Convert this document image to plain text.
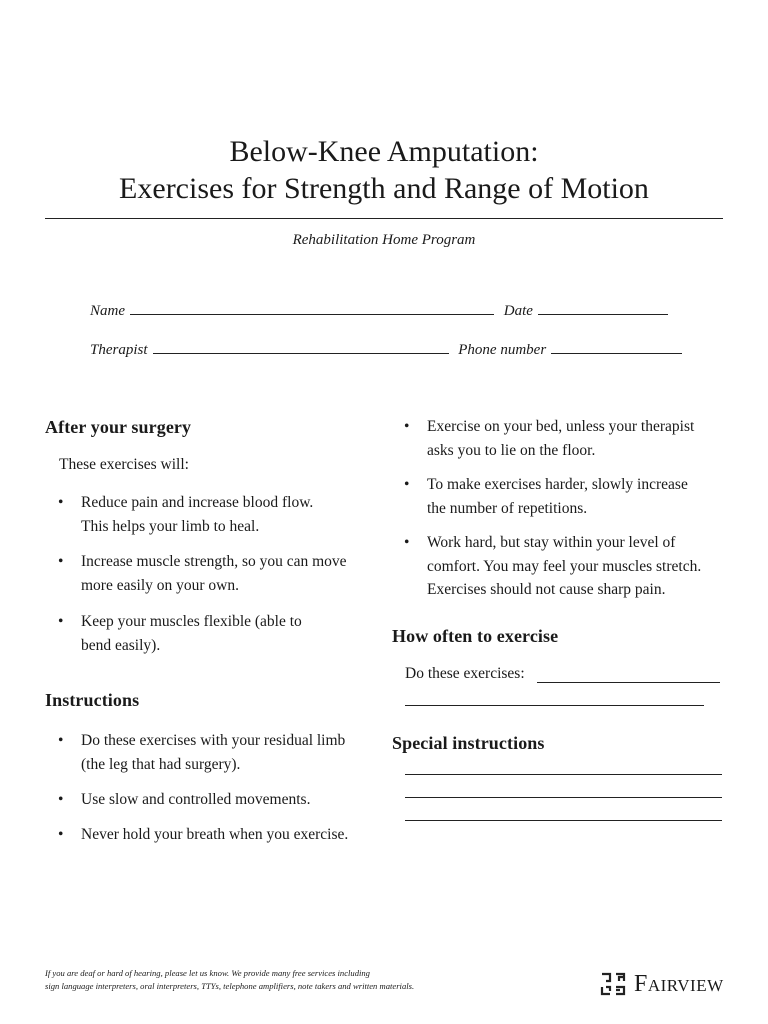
Below-Knee Amputation:
Exercises for Strength and Range of Motion
Rehabilitation Home Program
Name	Date
Therapist	Phone number
After your surgery
These exercises will:
• Reduce pain and increase blood flow.
This helps your limb to heal.
• Increase muscle strength, so you can move
more easily on your own.
• Keep your muscles flexible (able to
bend easily).
Instructions
• Do these exercises with your residual limb
(the leg that had surgery).
• Use slow and controlled movements.
• Never hold your breath when you exercise.
• Exercise on your bed, unless your therapist
asks you to lie on the floor.
• To make exercises harder, slowly increase
the number of repetitions.
• Work hard, but stay within your level of
comfort. You may feel your muscles stretch.
Exercises should not cause sharp pain.
How often to exercise
Do these exercises:
Special instructions
If you are deaf or hard of hearing, please let us know. We provide many free services including
sign language interpreters, oral interpreters, TTYs, telephone amplifiers, note takers and written materials.	Fairview
